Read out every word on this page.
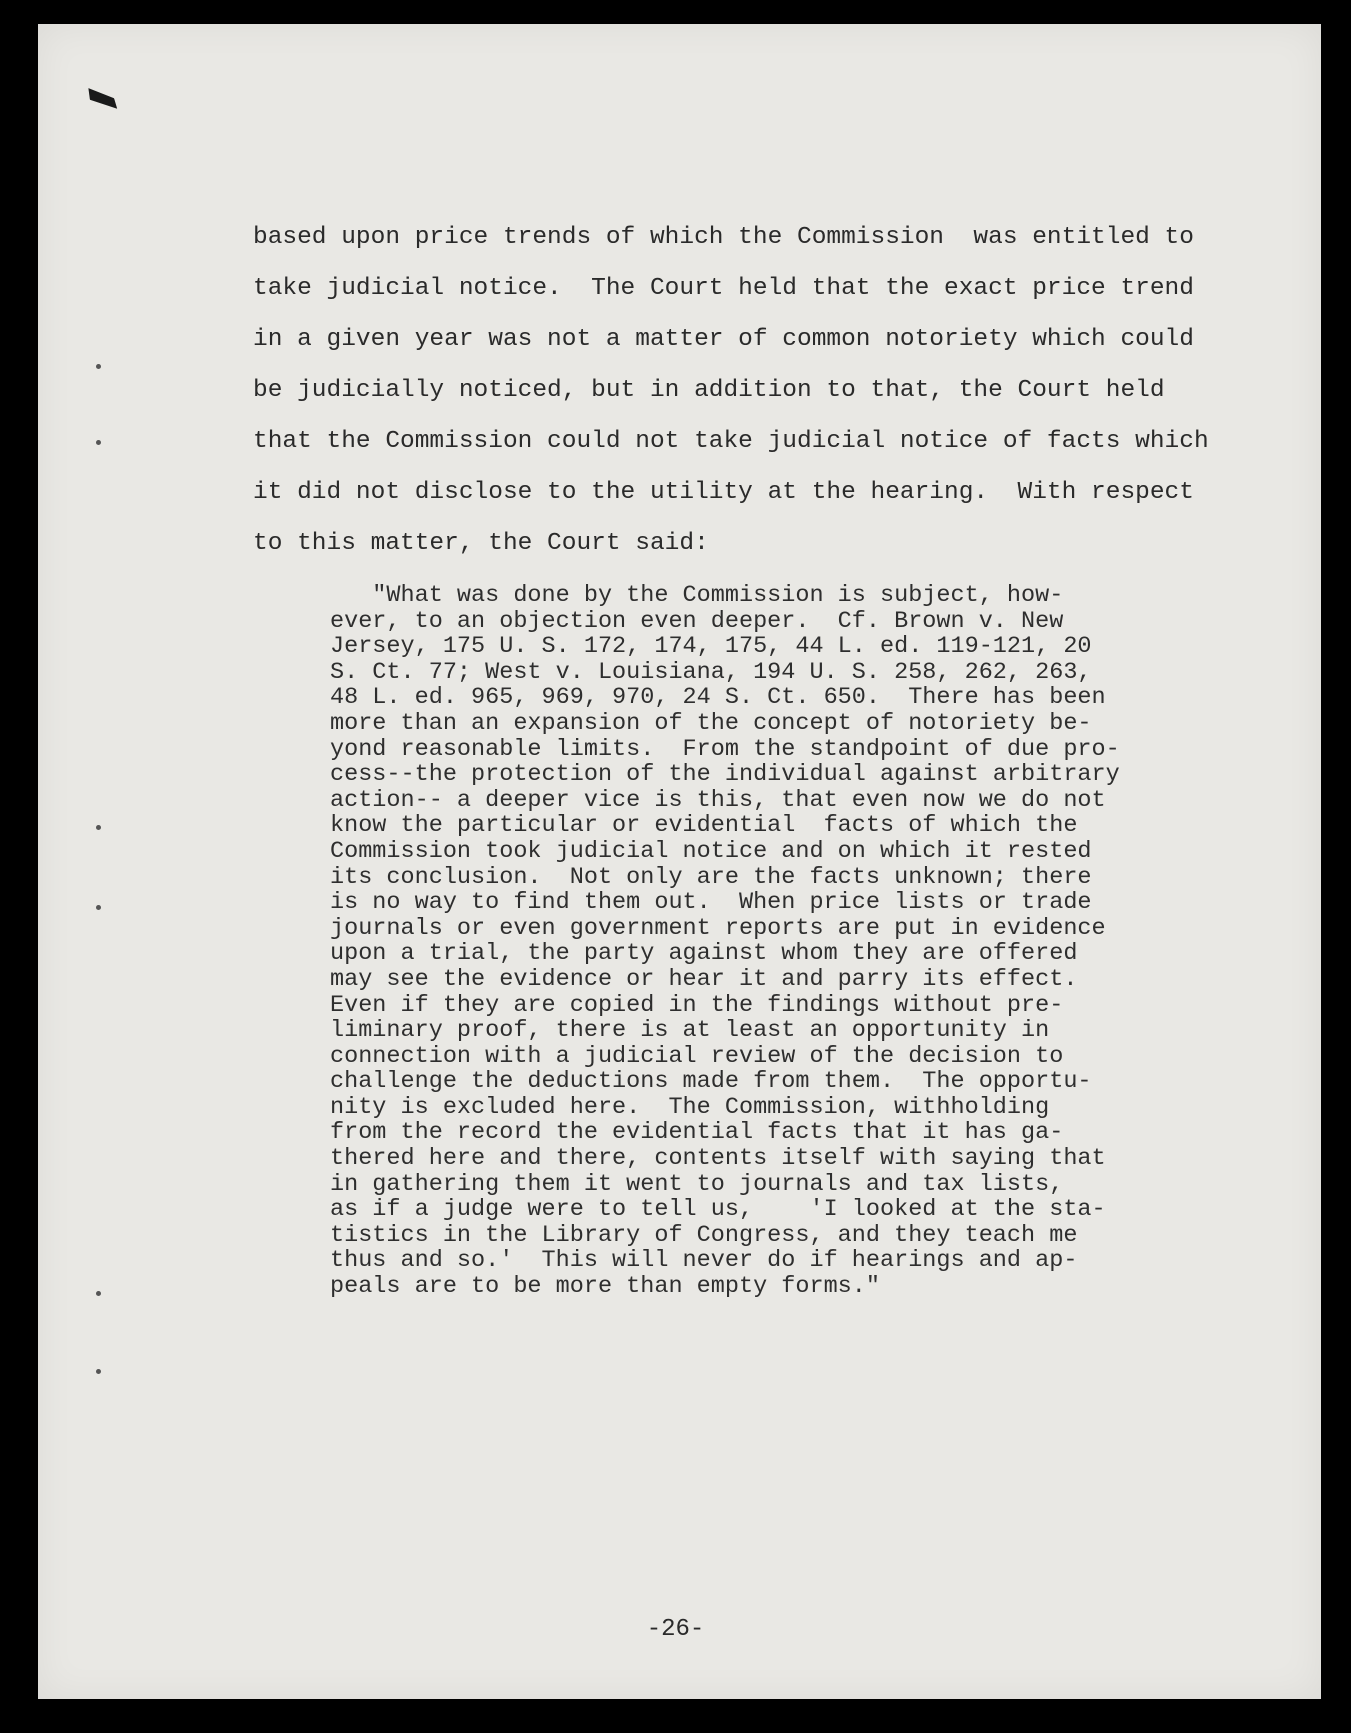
based upon price trends of which the Commission  was entitled to
take judicial notice.  The Court held that the exact price trend
in a given year was not a matter of common notoriety which could
be judicially noticed, but in addition to that, the Court held
that the Commission could not take judicial notice of facts which
it did not disclose to the utility at the hearing.  With respect
to this matter, the Court said:
"What was done by the Commission is subject, how-
ever, to an objection even deeper.  Cf. Brown v. New
Jersey, 175 U. S. 172, 174, 175, 44 L. ed. 119-121, 20
S. Ct. 77; West v. Louisiana, 194 U. S. 258, 262, 263,
48 L. ed. 965, 969, 970, 24 S. Ct. 650.  There has been
more than an expansion of the concept of notoriety be-
yond reasonable limits.  From the standpoint of due pro-
cess--the protection of the individual against arbitrary
action-- a deeper vice is this, that even now we do not
know the particular or evidential  facts of which the
Commission took judicial notice and on which it rested
its conclusion.  Not only are the facts unknown; there
is no way to find them out.  When price lists or trade
journals or even government reports are put in evidence
upon a trial, the party against whom they are offered
may see the evidence or hear it and parry its effect.
Even if they are copied in the findings without pre-
liminary proof, there is at least an opportunity in
connection with a judicial review of the decision to
challenge the deductions made from them.  The opportu-
nity is excluded here.  The Commission, withholding
from the record the evidential facts that it has ga-
thered here and there, contents itself with saying that
in gathering them it went to journals and tax lists,
as if a judge were to tell us,    'I looked at the sta-
tistics in the Library of Congress, and they teach me
thus and so.'  This will never do if hearings and ap-
peals are to be more than empty forms."
-26-
